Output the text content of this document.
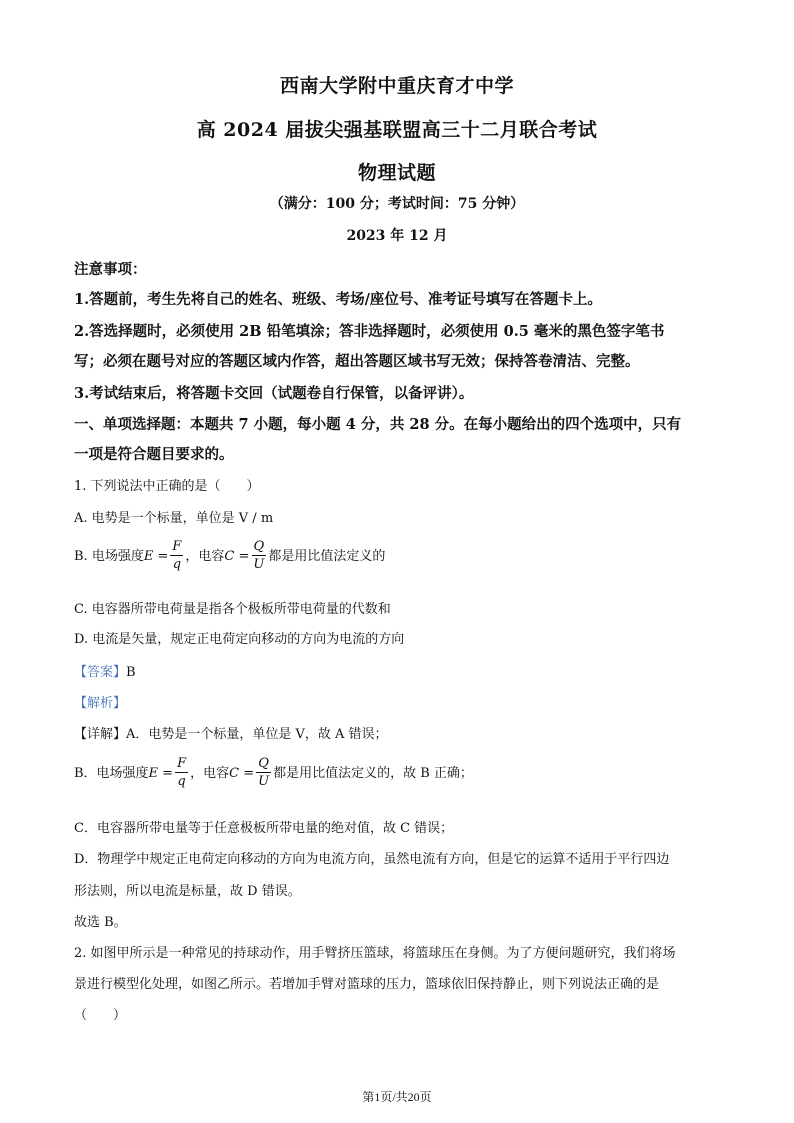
西南大学附中重庆育才中学
高 2024 届拔尖强基联盟高三十二月联合考试
物理试题
（满分：100 分；考试时间：75 分钟）
2023 年 12 月
注意事项：
1.答题前，考生先将自己的姓名、班级、考场/座位号、准考证号填写在答题卡上。
2.答选择题时，必须使用 2B 铅笔填涂；答非选择题时，必须使用 0.5 毫米的黑色签字笔书
写；必须在题号对应的答题区域内作答，超出答题区域书写无效；保持答卷清洁、完整。
3.考试结束后，将答题卡交回（试题卷自行保管，以备评讲）。
一、单项选择题：本题共 7 小题，每小题 4 分，共 28 分。在每小题给出的四个选项中，只有
一项是符合题目要求的。
1. 下列说法中正确的是（　　）
A. 电势是一个标量，单位是 V / m
B. 电场强度$E = \frac{F}{q}$ ，电容$C = \frac{Q}{U}$ 都是用比值法定义的
C. 电容器所带电荷量是指各个极板所带电荷量的代数和
D. 电流是矢量，规定正电荷定向移动的方向为电流的方向
【答案】B
【解析】
【详解】A．电势是一个标量，单位是 V，故 A 错误；
B．电场强度$E = \frac{F}{q}$ ，电容$C = \frac{Q}{U}$ 都是用比值法定义的，故 B 正确；
C．电容器所带电量等于任意极板所带电量的绝对值，故 C 错误；
D．物理学中规定正电荷定向移动的方向为电流方向，虽然电流有方向，但是它的运算不适用于平行四边
形法则，所以电流是标量，故 D 错误。
故选 B。
2. 如图甲所示是一种常见的持球动作，用手臂挤压篮球，将篮球压在身侧。为了方便问题研究，我们将场
景进行模型化处理，如图乙所示。若增加手臂对篮球的压力，篮球依旧保持静止，则下列说法正确的是
（　　）
第1页/共20页
